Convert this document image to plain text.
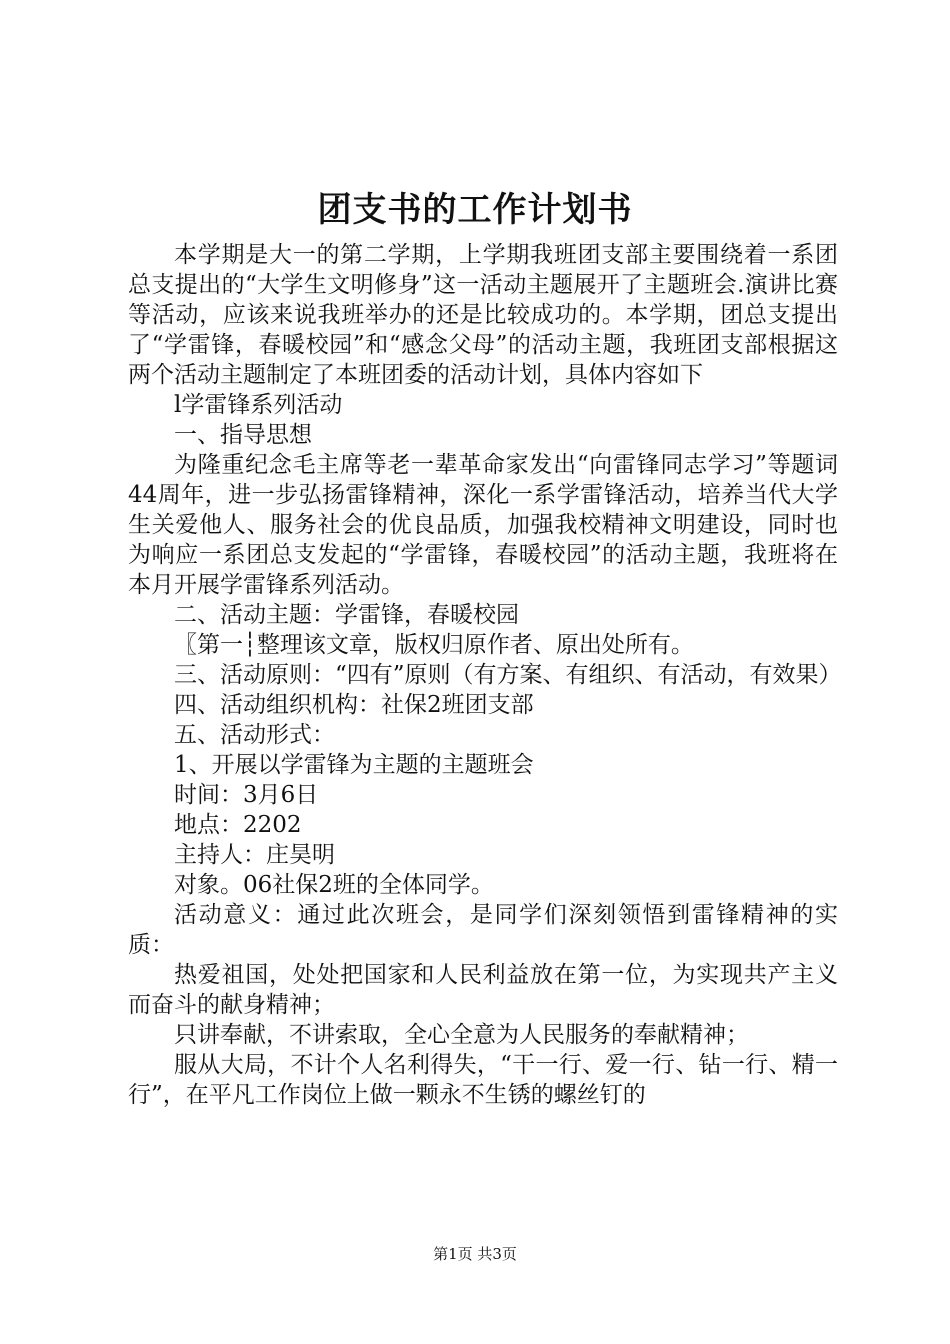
团支书的工作计划书

本学期是大一的第二学期，上学期我班团支部主要围绕着一系团总支提出的“大学生文明修身”这一活动主题展开了主题班会.演讲比赛等活动，应该来说我班举办的还是比较成功的。本学期，团总支提出了“学雷锋，春暖校园”和“感念父母”的活动主题，我班团支部根据这两个活动主题制定了本班团委的活动计划，具体内容如下

l学雷锋系列活动

一、指导思想

为隆重纪念毛主席等老一辈革命家发出“向雷锋同志学习”等题词44周年，进一步弘扬雷锋精神，深化一系学雷锋活动，培养当代大学生关爱他人、服务社会的优良品质，加强我校精神文明建设，同时也为响应一系团总支发起的“学雷锋，春暖校园”的活动主题，我班将在本月开展学雷锋系列活动。

二、活动主题：学雷锋，春暖校园

〖第一┆整理该文章，版权归原作者、原出处所有。

三、活动原则：“四有”原则（有方案、有组织、有活动，有效果）

四、活动组织机构：社保2班团支部

五、活动形式：

1、开展以学雷锋为主题的主题班会

时间：3月6日

地点：2202

主持人：庄昊明

对象。06社保2班的全体同学。

活动意义：通过此次班会，是同学们深刻领悟到雷锋精神的实质：

热爱祖国，处处把国家和人民利益放在第一位，为实现共产主义而奋斗的献身精神；

只讲奉献，不讲索取，全心全意为人民服务的奉献精神；

服从大局，不计个人名利得失，“干一行、爱一行、钻一行、精一行”，在平凡工作岗位上做一颗永不生锈的螺丝钉的

第1页 共3页
